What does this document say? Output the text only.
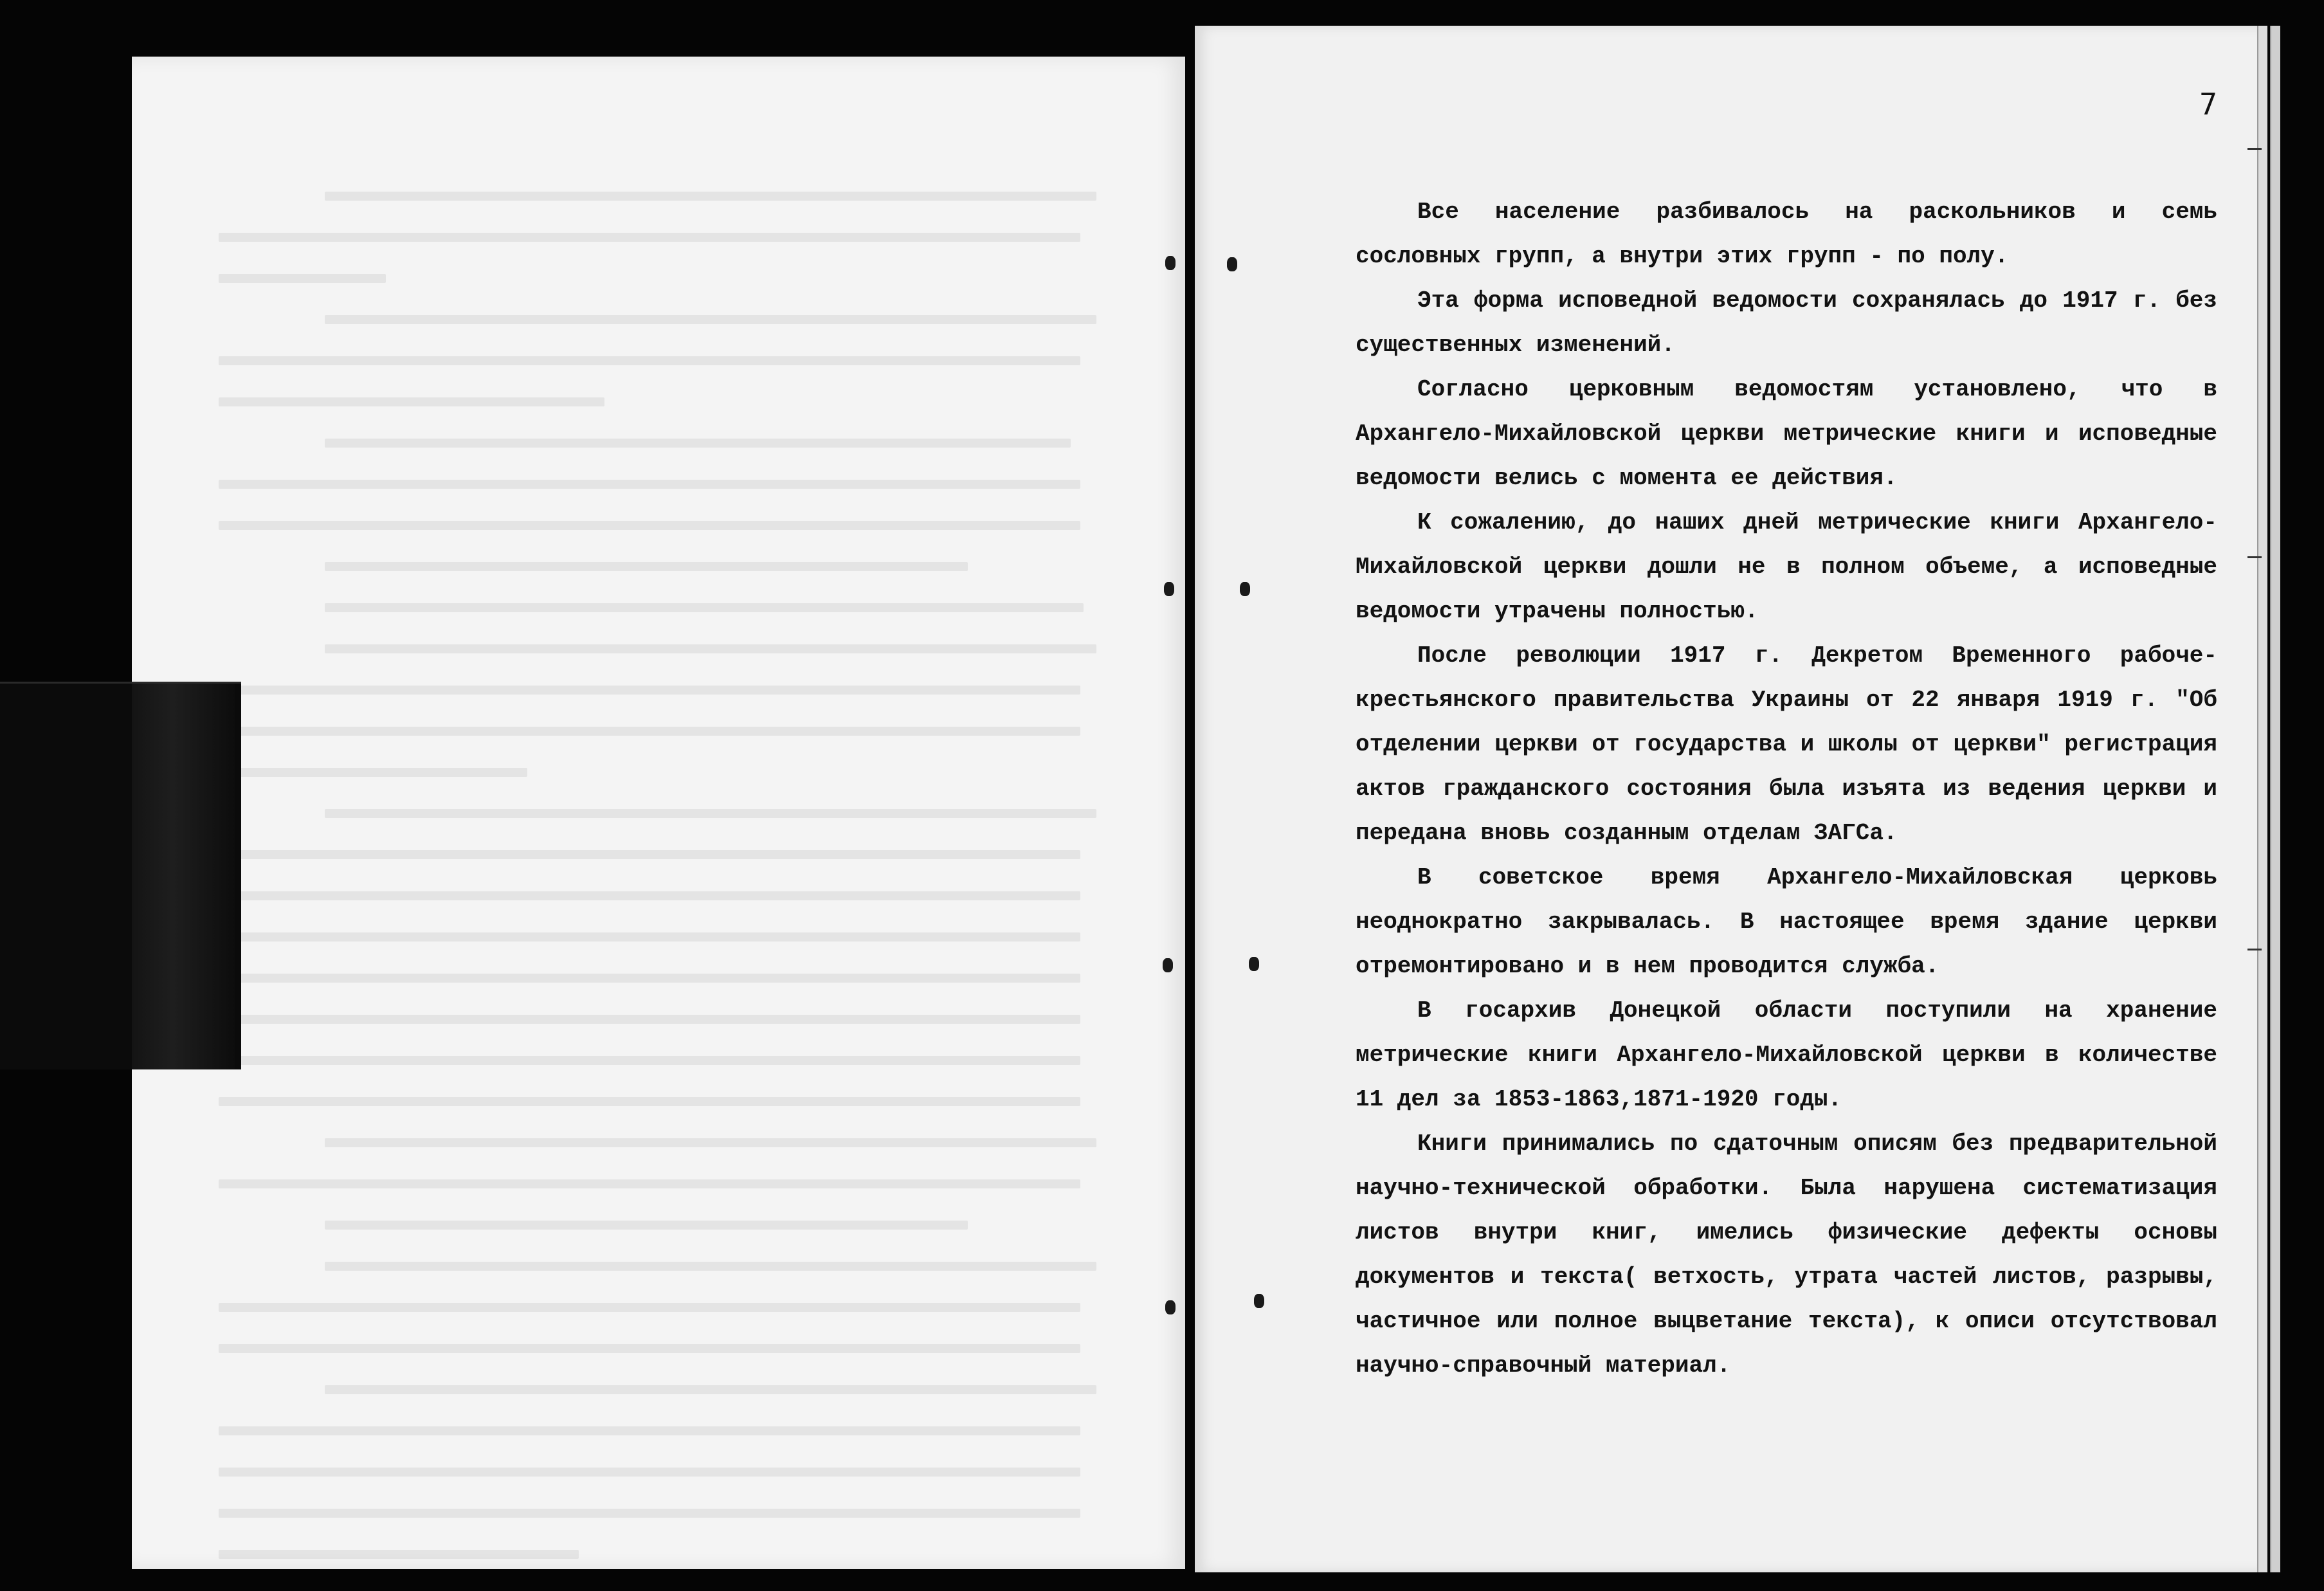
7

Все население разбивалось на раскольников и семь сословных групп, а внутри этих групп - по полу.

Эта форма исповедной ведомости сохранялась до 1917 г. без существенных изменений.

Согласно церковным ведомостям установлено, что в Архангело-Михайловской церкви метрические книги и исповедные ведомости велись с момента ее действия.

К сожалению, до наших дней метрические книги Архангело-Михайловской церкви дошли не в полном объеме, а исповедные ведомости утрачены полностью.

После революции 1917 г. Декретом Временного рабоче-крестьянского правительства Украины от 22 января 1919 г. "Об отделении церкви от государства и школы от церкви" регистрация актов гражданского состояния была изъята из ведения церкви и передана вновь созданным отделам ЗАГСа.

В советское время Архангело-Михайловская церковь неоднократно закрывалась. В настоящее время здание церкви отремонтировано и в нем проводится служба.

В госархив Донецкой области поступили на хранение метрические книги Архангело-Михайловской церкви в количестве 11 дел за 1853-1863,1871-1920 годы.

Книги принимались по сдаточным описям без предварительной научно-технической обработки. Была нарушена систематизация листов внутри книг, имелись физические дефекты основы документов и текста( ветхость, утрата частей листов, разрывы, частичное или полное выцветание текста), к описи отсутствовал научно-справочный материал.
